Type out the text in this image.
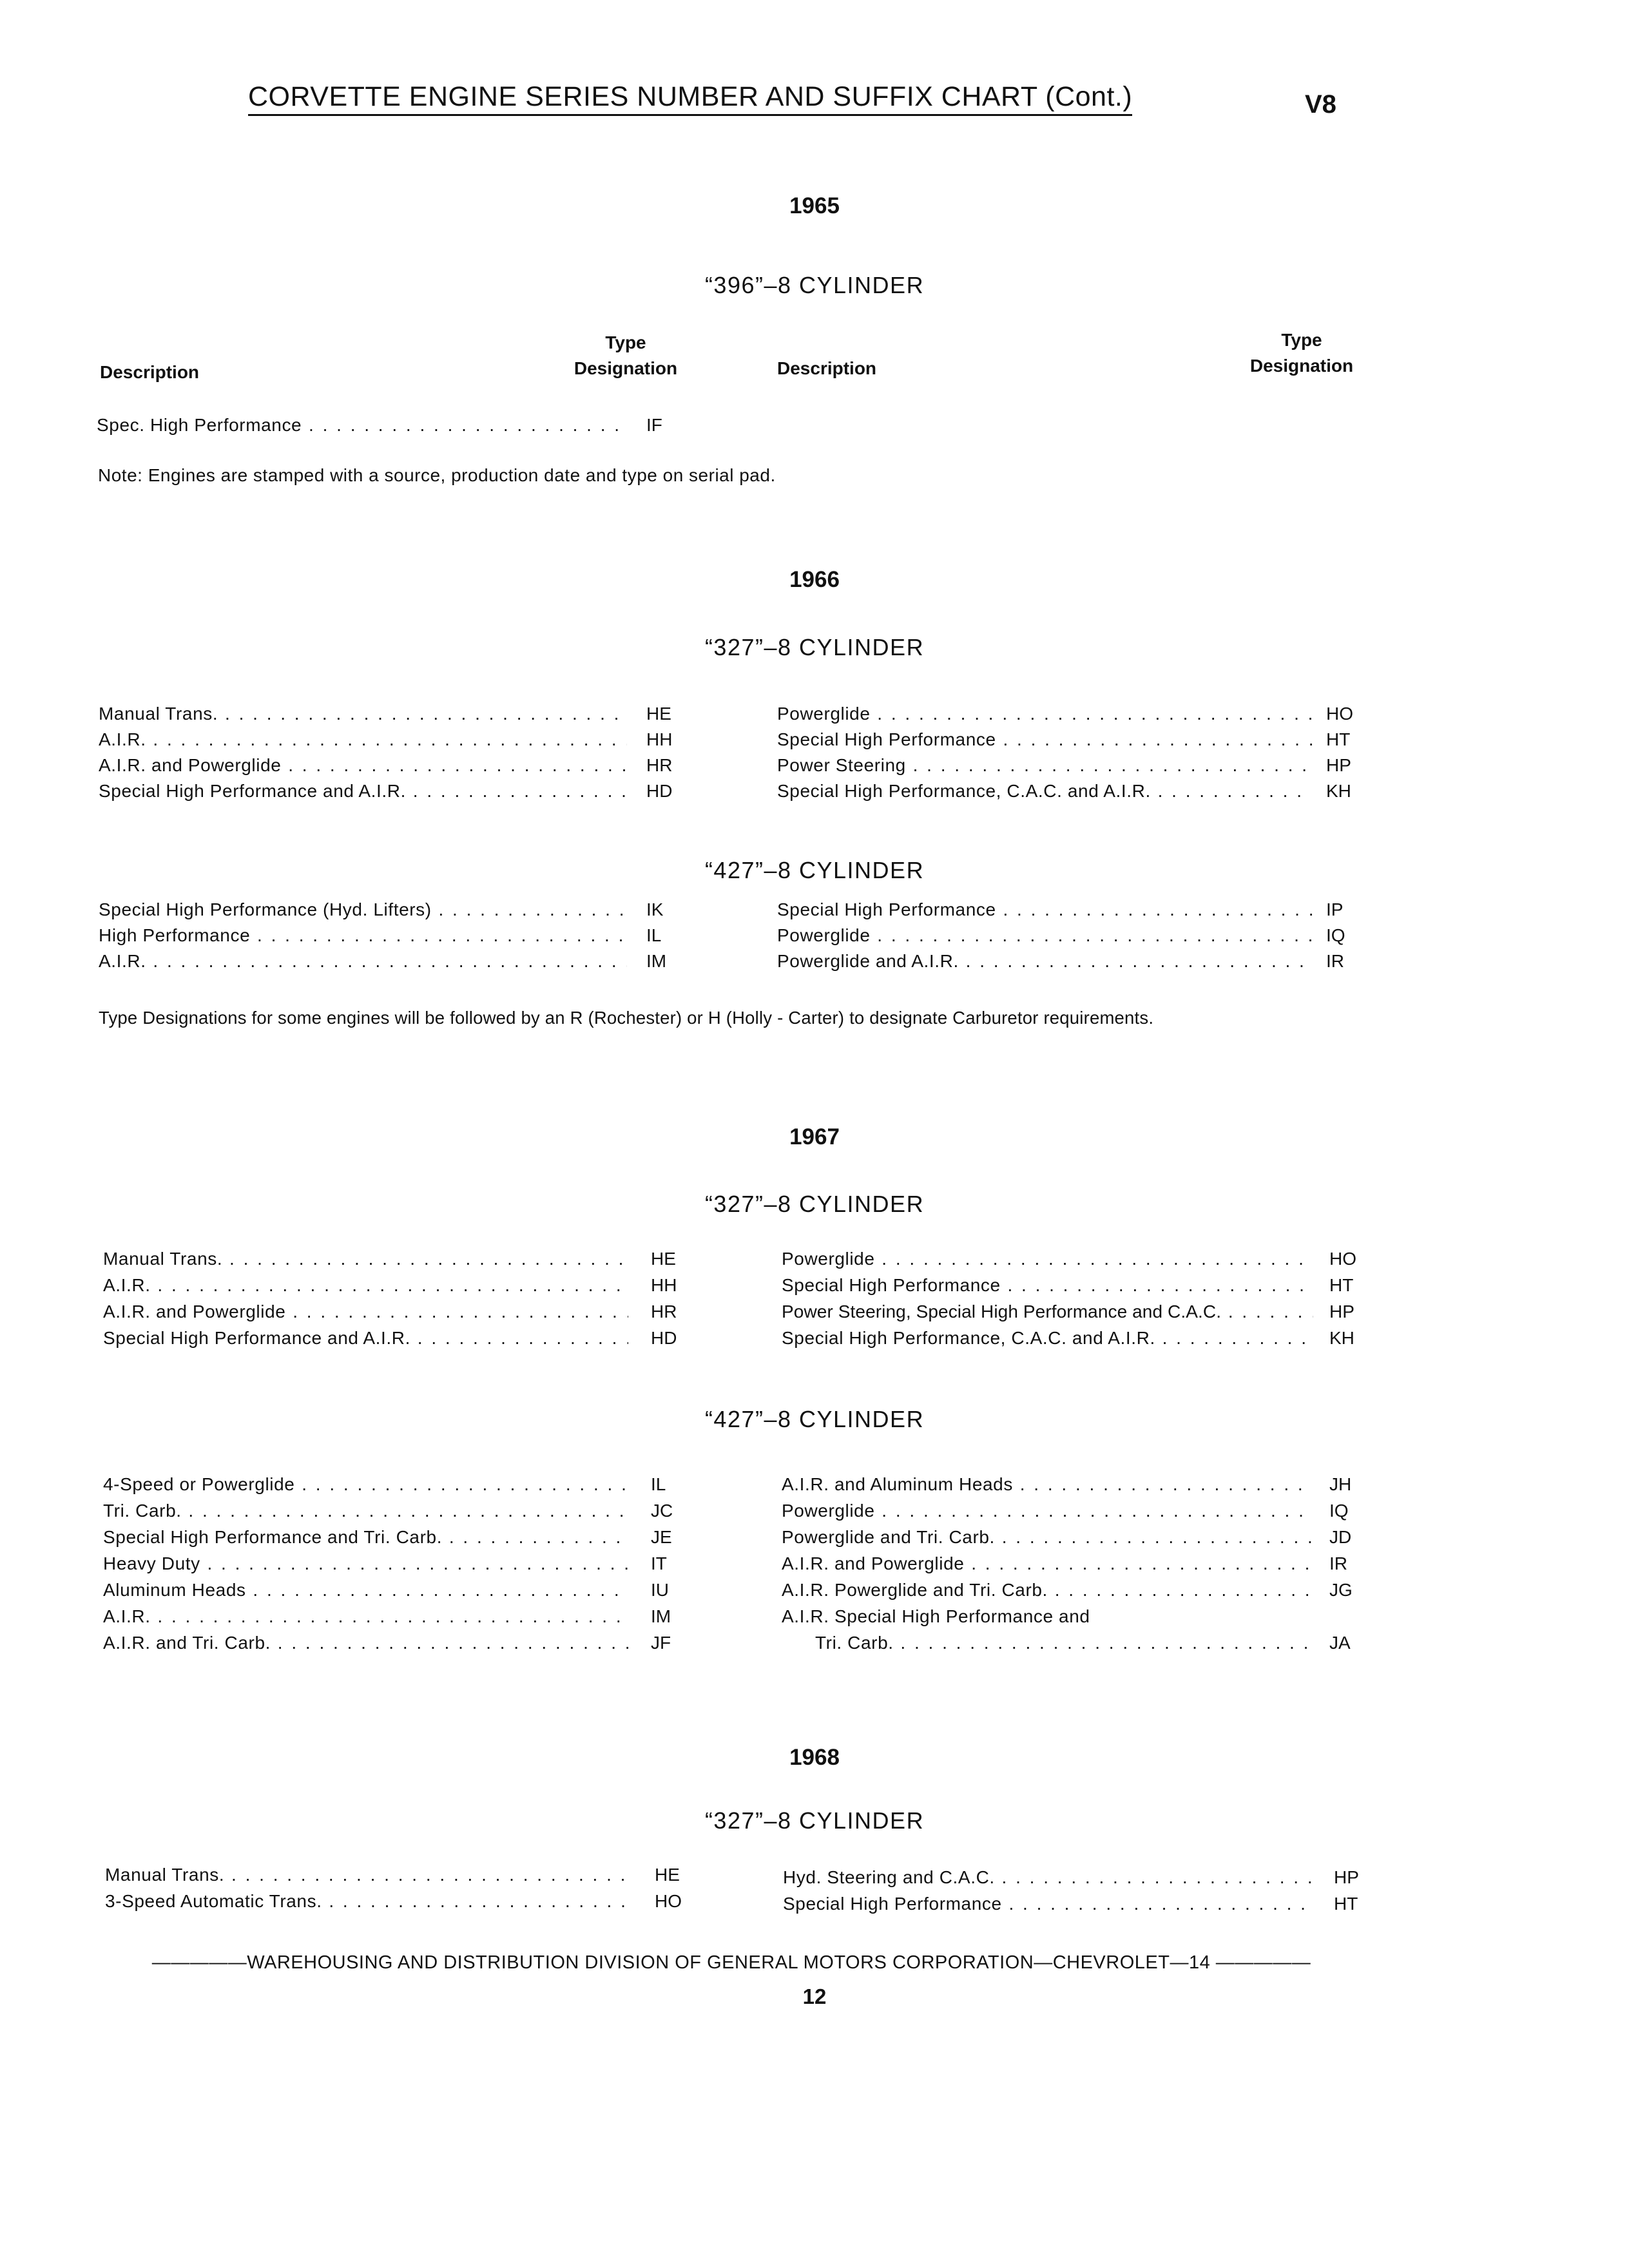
CORVETTE ENGINE SERIES NUMBER AND SUFFIX CHART (Cont.)	V8
1965
“396”–8 CYLINDER
Description
Type
Designation	Description
Type
Designation
Spec. High Performance . . .	IF
Note: Engines are stamped with a source, production date and type on serial pad.
1966
“327”–8 CYLINDER
Manual Trans. . . .	HE
A.I.R. . . .	HH
A.I.R. and Powerglide . . .	HR
Special High Performance and A.I.R. . . .	HD
Powerglide . . .	HO
Special High Performance . . .	HT
Power Steering . . .	HP
Special High Performance, C.A.C. and A.I.R. . . .	KH
“427”–8 CYLINDER
Special High Performance (Hyd. Lifters) . . .	IK
High Performance . . .	IL
A.I.R. . . .	IM
Special High Performance . . .	IP
Powerglide . . .	IQ
Powerglide and A.I.R. . . .	IR
Type Designations for some engines will be followed by an R (Rochester) or H (Holly - Carter) to designate Carburetor requirements.
1967
“327”–8 CYLINDER
Manual Trans. . . .	HE
A.I.R. . . .	HH
A.I.R. and Powerglide . . .	HR
Special High Performance and A.I.R. . . .	HD
Powerglide . . .	HO
Special High Performance . . .	HT
Power Steering, Special High Performance and C.A.C. . . .	HP
Special High Performance, C.A.C. and A.I.R. . . .	KH
“427”–8 CYLINDER
4-Speed or Powerglide . . .	IL
Tri. Carb. . . .	JC
Special High Performance and Tri. Carb. . . .	JE
Heavy Duty . . .	IT
Aluminum Heads . . .	IU
A.I.R. . . .	IM
A.I.R. and Tri. Carb. . . .	JF
A.I.R. and Aluminum Heads . . .	JH
Powerglide . . .	IQ
Powerglide and Tri. Carb. . . .	JD
A.I.R. and Powerglide . . .	IR
A.I.R. Powerglide and Tri. Carb. . . .	JG
A.I.R. Special High Performance and
Tri. Carb. . . .	JA
1968
“327”–8 CYLINDER
Manual Trans. . . .	HE
3-Speed Automatic Trans. . . .	HO
Hyd. Steering and C.A.C. . . .	HP
Special High Performance . . .	HT
—————WAREHOUSING AND DISTRIBUTION DIVISION OF GENERAL MOTORS CORPORATION—CHEVROLET—14 —————
12
